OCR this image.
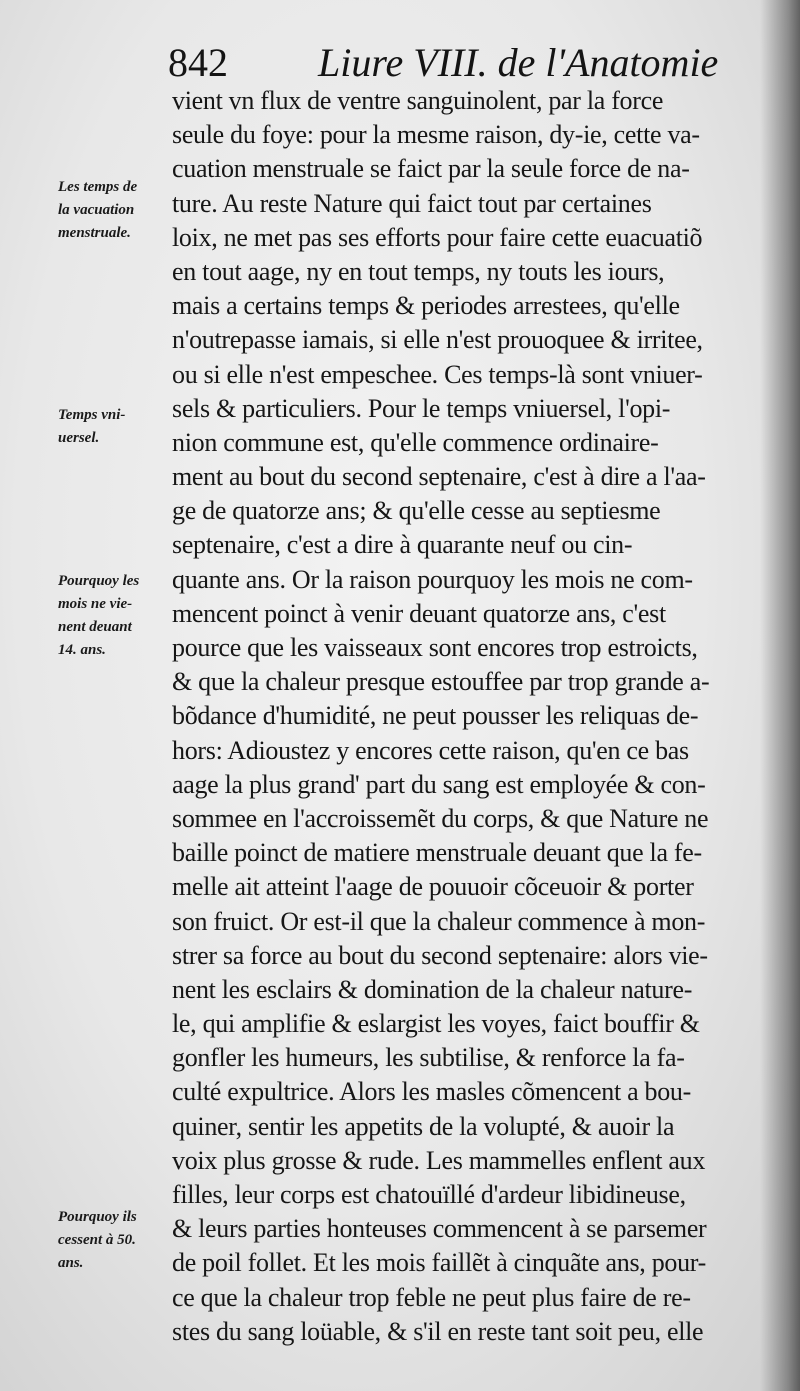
842 Liure VIII. de l'Anatomie
Les temps de
la vacuation
menstruale.
Temps vni-
uersel.
Pourquoy les
mois ne vie-
nent deuant
14. ans.
Pourquoy ils
cessent à 50.
ans.
vient vn flux de ventre sanguinolent, par la force
seule du foye: pour la mesme raison, dy-ie, cette va-
cuation menstruale se faict par la seule force de na-
ture. Au reste Nature qui faict tout par certaines
loix, ne met pas ses efforts pour faire cette euacuatiõ
en tout aage, ny en tout temps, ny touts les iours,
mais a certains temps & periodes arrestees, qu'elle
n'outrepasse iamais, si elle n'est prouoquee & irritee,
ou si elle n'est empeschee. Ces temps-là sont vniuer-
sels & particuliers. Pour le temps vniuersel, l'opi-
nion commune est, qu'elle commence ordinaire-
ment au bout du second septenaire, c'est à dire a l'aa-
ge de quatorze ans; & qu'elle cesse au septiesme
septenaire, c'est a dire à quarante neuf ou cin-
quante ans. Or la raison pourquoy les mois ne com-
mencent poinct à venir deuant quatorze ans, c'est
pource que les vaisseaux sont encores trop estroicts,
& que la chaleur presque estouffee par trop grande a-
bõdance d'humidité, ne peut pousser les reliquas de-
hors: Adioustez y encores cette raison, qu'en ce bas
aage la plus grand' part du sang est employée & con-
sommee en l'accroissemẽt du corps, & que Nature ne
baille poinct de matiere menstruale deuant que la fe-
melle ait atteint l'aage de pouuoir cõceuoir & porter
son fruict. Or est-il que la chaleur commence à mon-
strer sa force au bout du second septenaire: alors vie-
nent les esclairs & domination de la chaleur nature-
le, qui amplifie & eslargist les voyes, faict bouffir &
gonfler les humeurs, les subtilise, & renforce la fa-
culté expultrice. Alors les masles cõmencent a bou-
quiner, sentir les appetits de la volupté, & auoir la
voix plus grosse & rude. Les mammelles enflent aux
filles, leur corps est chatouïllé d'ardeur libidineuse,
& leurs parties honteuses commencent à se parsemer
de poil follet. Et les mois faillẽt à cinquãte ans, pour-
ce que la chaleur trop feble ne peut plus faire de re-
stes du sang loüable, & s'il en reste tant soit peu, elle
